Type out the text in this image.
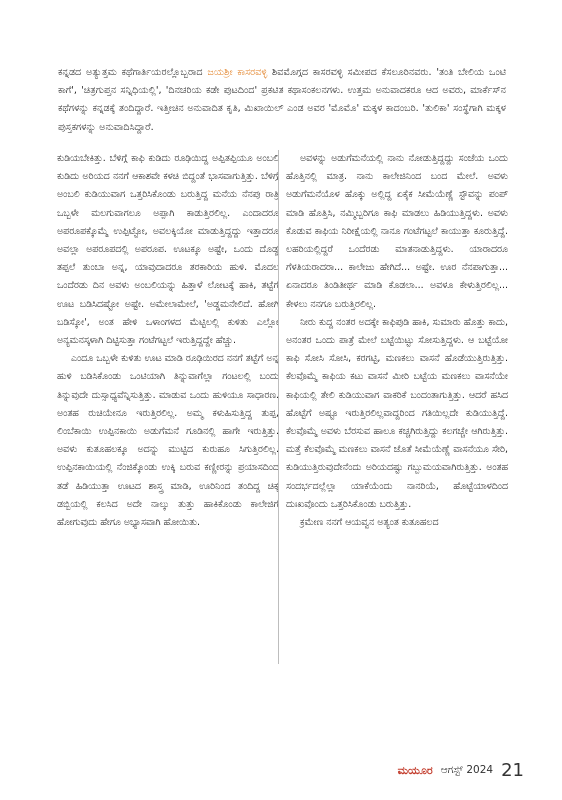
ಕನ್ನಡದ ಅತ್ಯುತ್ತಮ ಕಥೆಗಾರ್ತಿಯರಲ್ಲೊಬ್ಬರಾದ ಜಯಶ್ರೀ ಕಾಸರವಳ್ಳಿ ಶಿವಮೊಗ್ಗದ ಕಾಸರವಳ್ಳಿ ಸಮೀಪದ ಕೆಸಲೂರಿನವರು. 'ತಂತಿ ಬೇಲಿಯ ಒಂಟಿ ಕಾಗೆ', 'ಚಿತ್ರಗುಪ್ತನ ಸನ್ನಿಧಿಯಲ್ಲಿ', 'ದಿನಚರಿಯ ಕಡೇ ಪುಟದಿಂದ' ಪ್ರಕಟಿತ ಕಥಾಸಂಕಲನಗಳು. ಉತ್ತಮ ಅನುವಾದಕರೂ ಆದ ಅವರು, ಮಾರ್ಕೆಸ್‌ನ ಕಥೆಗಳನ್ನು ಕನ್ನಡಕ್ಕೆ ತಂದಿದ್ದಾರೆ. ಇತ್ತೀಚಿನ ಅನುವಾದಿತ ಕೃತಿ, ಮಿಖಾಯಿಲ್ ಎಂಡ ಅವರ 'ಮೊಮೊ' ಮಕ್ಕಳ ಕಾದಂಬರಿ. 'ತುಲಿಕಾ' ಸಂಸ್ಥೆಗಾಗಿ ಮಕ್ಕಳ ಪುಸ್ತಕಗಳನ್ನು ಅನುವಾದಿಸಿದ್ದಾರೆ.

ಕುಡಿಯಬೇಕಿತ್ತು. ಬೆಳಿಗ್ಗೆ ಕಾಫಿ ಕುಡಿದು ರೂಢಿಯಿದ್ದ ಅಪ್ಪಿತಪ್ಪಿಯೂ ಅಂಬಲಿ ಕುಡಿದು ಅರಿಯದ ನನಗೆ ಆಕಾಶವೇ ಕಳಚಿ ಬಿದ್ದಂತೆ ಭಾಸವಾಗುತ್ತಿತ್ತು. ಬೆಳಿಗ್ಗೆ ಅಂಬಲಿ ಕುಡಿಯುವಾಗ ಒತ್ತರಿಸಿಕೊಂಡು ಬರುತ್ತಿದ್ದ ಮನೆಯ ನೆನಪು ರಾತ್ರಿ ಒಬ್ಬಳೇ ಮಲಗುವಾಗಲೂ ಅಪ್ಪಾಗಿ ಕಾಡುತ್ತಿರಲಿಲ್ಲ. ಎಂದಾದರೂ ಅಪರೂಪಕ್ಕೊಮ್ಮೆ ಉಪ್ಪಿಟ್ಟೋ, ಅವಲಕ್ಕಿಯೋ ಮಾಡುತ್ತಿದ್ದದ್ದು ಇತ್ತಾದರೂ ಅವಲ್ಲಾ ಅಪರೂಪದಲ್ಲಿ ಅಪರೂಪ. ಊಟಕ್ಕೂ ಅಷ್ಟೇ, ಒಂದು ದೊಡ್ಡ ತಪ್ಪಲೆ ತುಂಬಾ ಅನ್ನ, ಯಾವುದಾದರೂ ತರಕಾರಿಯ ಹುಳಿ. ಮೊದಲ ಒಂದೆರಡು ದಿನ ಅವಳು ಅಂಬಲಿಯನ್ನು ಹಿತ್ತಾಳೆ ಲೋಟಕ್ಕೆ ಹಾಕಿ, ತಟ್ಟೆಗೆ ಊಟ ಬಡಿಸಿದಷ್ಟೋ ಅಷ್ಟೇ. ಅಮೇಲಾಮೇಲೆ, 'ಅಡ್ಡಮನೇಲಿದೆ. ಹೋಗಿ ಬಡಿಸ್ಕೋ', ಅಂತ ಹೇಳಿ ಒಳಾಂಗಳದ ಮೆಟ್ಟಿಲಲ್ಲಿ ಕುಳಿತು ಎಲ್ಲೋ ಅನ್ಯಮನಸ್ಕಳಾಗಿ ದಿಟ್ಟಿಸುತ್ತಾ ಗಂಟೆಗಟ್ಟಲೆ ಇರುತ್ತಿದ್ದದ್ದೇ ಹೆಚ್ಚು.

ಎಂದೂ ಒಬ್ಬಳೇ ಕುಳಿತು ಊಟ ಮಾಡಿ ರೂಢಿಯಿರದ ನನಗೆ ತಟ್ಟೆಗೆ ಅನ್ನ ಹುಳಿ ಬಡಿಸಿಕೊಂಡು ಒಂಟಿಯಾಗಿ ತಿನ್ನುವಾಗೆಲ್ಲಾ ಗಂಟಲಲ್ಲಿ ಬಂದು ತಿನ್ನುವುದೇ ದುಸ್ಸಾಧ್ಯವೆನ್ನಿಸುತ್ತಿತ್ತು. ಮಾಡುವ ಒಂದು ಹುಳಿಯೂ ಸಾಧಾರಣ. ಅಂತಹ ರುಚಿಯೇನೂ ಇರುತ್ತಿರಲಿಲ್ಲ. ಅಮ್ಮ ಕಳುಹಿಸುತ್ತಿದ್ದ ತುಪ್ಪ, ಲಿಂಬೆಕಾಯಿ ಉಪ್ಪಿನಕಾಯಿ ಅಡುಗೆಮನೆ ಗೂಡಿನಲ್ಲಿ ಹಾಗೇ ಇರುತ್ತಿತ್ತು. ಅವಳು ಕುತೂಹಲಕ್ಕೂ ಅದನ್ನು ಮುಟ್ಟಿದ ಕುರುಹೂ ಸಿಗುತ್ತಿರಲಿಲ್ಲ. ಉಪ್ಪಿನಕಾಯಿಯಲ್ಲಿ ನೆಂಜಿಕ್ಕೊಂಡು ಉಕ್ಕಿ ಬರುವ ಕಣ್ಣೀರನ್ನು ಪ್ರಯಾಸದಿಂದ ತಡೆ ಹಿಡಿಯುತ್ತಾ ಊಟದ ಶಾಸ್ತ್ರ ಮಾಡಿ, ಊರಿನಿಂದ ತಂದಿದ್ದ ಚಿಕ್ಕ ಡಬ್ಬಿಯಲ್ಲಿ ಕಲಸಿದ ಅದೇ ನಾಲ್ಕು ತುತ್ತು ಹಾಕಿಕೊಂಡು ಕಾಲೇಜಿಗೆ ಹೋಗುವುದು ಹೇಗೂ ಅಭ್ಯಾಸವಾಗಿ ಹೋಯಿತು.

ಅವಳನ್ನು ಅಡುಗೆಮನೆಯಲ್ಲಿ ನಾನು ನೋಡುತ್ತಿದ್ದದ್ದು ಸಂಜೆಯ ಒಂದು ಹೊತ್ತಿನಲ್ಲಿ ಮಾತ್ರ. ನಾನು ಕಾಲೇಜಿನಿಂದ ಬಂದ ಮೇಲೆ. ಅವಳು ಅಡುಗೆಮನೆಯೊಳ ಹೊಕ್ಕು ಅಲ್ಲಿದ್ದ ಏಕೈಕ ಸೀಮೆಯೆಣ್ಣೆ ಸ್ಟೌವನ್ನು ಪಂಪ್ ಮಾಡಿ ಹೊತ್ತಿಸಿ, ನಮ್ಮಿಬ್ಬರಿಗೂ ಕಾಫಿ ಮಾಡಲು ಹಿಡಿಯುತ್ತಿದ್ದಳು. ಅವಳು ಕೊಡುವ ಕಾಫಿಯ ನಿರೀಕ್ಷೆಯಲ್ಲಿ ನಾನೂ ಗಂಟೆಗಟ್ಟಲೆ ಕಾಯುತ್ತಾ ಕೂರುತ್ತಿದ್ದೆ. ಲಹರಿಯಲ್ಲಿದ್ದರೆ ಒಂದೆರಡು ಮಾತನಾಡುತ್ತಿದ್ದಳು. ಯಾರಾದರೂ ಗೆಳತಿಯರಾದರಾ... ಕಾಲೇಜು ಹೇಗಿದೆ... ಅಷ್ಟೇ. ಊರ ನೆನಪಾಗುತ್ತಾ... ಏನಾದರೂ ತಿಂಡಿತೀರ್ಥ ಮಾಡಿ ಕೊಡಲಾ... ಅವಳೂ ಕೇಳುತ್ತಿರಲಿಲ್ಲ... ಕೇಳಲು ನನಗೂ ಬರುತ್ತಿರಲಿಲ್ಲ.

ನೀರು ಕುದ್ದ ನಂತರ ಅದಕ್ಕೇ ಕಾಫಿಪುಡಿ ಹಾಕಿ, ಸುಮಾರು ಹೊತ್ತು ಕಾದು, ಅನಂತರ ಒಂದು ಪಾತ್ರೆ ಮೇಲೆ ಬಟ್ಟೆಯಿಟ್ಟು ಸೋಸುತ್ತಿದ್ದಳು. ಆ ಬಟ್ಟೆಯೋ ಕಾಫಿ ಸೋಸಿ ಸೋಸಿ, ಕರಗಟ್ಟಿ, ಮಣಕಲು ವಾಸನೆ ಹೊಡೆಯುತ್ತಿರುತ್ತಿತ್ತು. ಕೆಲವೊಮ್ಮೆ ಕಾಫಿಯ ಕಟು ವಾಸನೆ ಮೀರಿ ಬಟ್ಟೆಯ ಮಣಕಲು ವಾಸನೆಯೇ ಕಾಫಿಯಲ್ಲಿ ತೇಲಿ ಕುಡಿಯುವಾಗ ವಾಕರಿಕೆ ಬಂದಂತಾಗುತ್ತಿತ್ತು. ಆದರೆ ಹಸಿದ ಹೊಟ್ಟೆಗೆ ಅಷ್ಟೂ ಇರುತ್ತಿರಲಿಲ್ಲವಾದ್ದರಿಂದ ಗತಿಯಿಲ್ಲದೇ ಕುಡಿಯುತ್ತಿದ್ದೆ. ಕೆಲವೊಮ್ಮೆ ಅವಳು ಬೆರಸುವ ಹಾಲೂ ಕಚ್ಚಗಿರುತ್ತಿದ್ದು ಕಲಗಚ್ಚೇ ಆಗಿರುತ್ತಿತ್ತು. ಮತ್ತೆ ಕೆಲವೊಮ್ಮೆ ಮಣಕಲು ವಾಸನೆ ಜೊತೆ ಸೀಮೆಯೆಣ್ಣೆ ವಾಸನೆಯೂ ಸೇರಿ, ಕುಡಿಯುತ್ತಿರುವುದೇನೆಂದು ಅರಿಯದಷ್ಟು ಗಬ್ಬುಮಯವಾಗಿರುತ್ತಿತ್ತು. ಅಂತಹ ಸಂದರ್ಭದಲ್ಲೆಲ್ಲಾ ಯಾಕೆಯೆಂದು ನಾನರಿಯೆ, ಹೊಟ್ಟೆಯಾಳದಿಂದ ದುಃಖವೊಂದು ಒತ್ತರಿಸಿಕೊಂಡು ಬರುತ್ತಿತ್ತು.

ಕ್ರಮೇಣ ನನಗೆ ಆಯವ್ವನ ಅತ್ಯಂತ ಕುತೂಹಲದ

ಮಯೂರ ಆಗಸ್ಟ್ 2024 21
